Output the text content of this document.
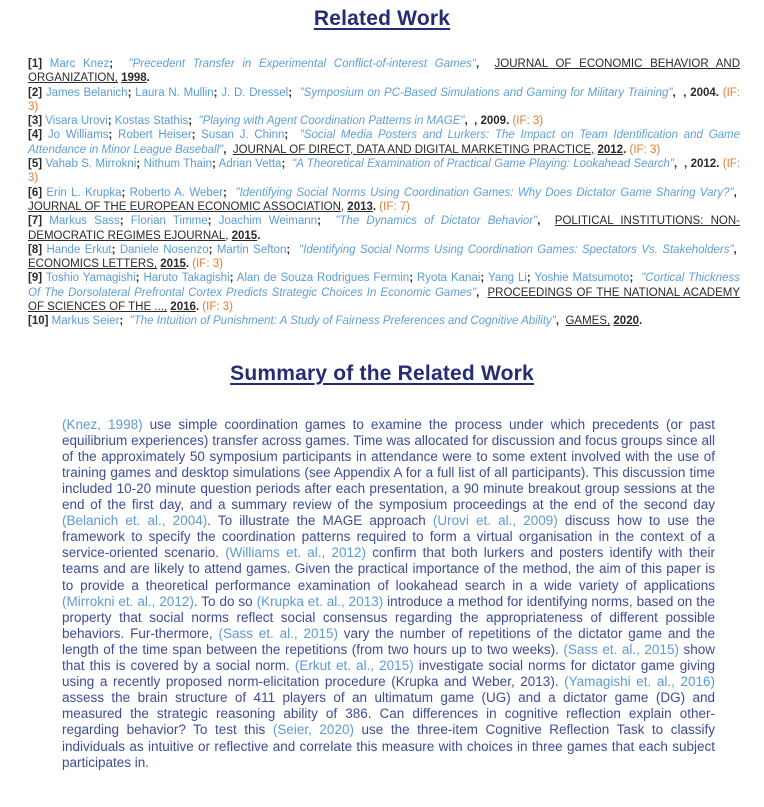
Related Work
[1] Marc Knez; "Precedent Transfer in Experimental Conflict-of-interest Games", JOURNAL OF ECONOMIC BEHAVIOR AND ORGANIZATION, 1998.
[2] James Belanich; Laura N. Mullin; J. D. Dressel; "Symposium on PC-Based Simulations and Gaming for Military Training", , 2004. (IF: 3)
[3] Visara Urovi; Kostas Stathis; "Playing with Agent Coordination Patterns in MAGE", , 2009. (IF: 3)
[4] Jo Williams; Robert Heiser; Susan J. Chinn; "Social Media Posters and Lurkers: The Impact on Team Identification and Game Attendance in Minor League Baseball", JOURNAL OF DIRECT, DATA AND DIGITAL MARKETING PRACTICE, 2012. (IF: 3)
[5] Vahab S. Mirrokni; Nithum Thain; Adrian Vetta; "A Theoretical Examination of Practical Game Playing: Lookahead Search", , 2012. (IF: 3)
[6] Erin L. Krupka; Roberto A. Weber; "Identifying Social Norms Using Coordination Games: Why Does Dictator Game Sharing Vary?",  JOURNAL OF THE EUROPEAN ECONOMIC ASSOCIATION, 2013. (IF: 7)
[7] Markus Sass; Florian Timme; Joachim Weimann; "The Dynamics of Dictator Behavior", POLITICAL INSTITUTIONS: NON-DEMOCRATIC REGIMES EJOURNAL, 2015.
[8] Hande Erkut; Daniele Nosenzo; Martin Sefton; "Identifying Social Norms Using Coordination Games: Spectators Vs. Stakeholders",  ECONOMICS LETTERS, 2015. (IF: 3)
[9] Toshio Yamagishi; Haruto Takagishi; Alan de Souza Rodrigues Fermin; Ryota Kanai; Yang Li; Yoshie Matsumoto; "Cortical Thickness Of The Dorsolateral Prefrontal Cortex Predicts Strategic Choices In Economic Games", PROCEEDINGS OF THE NATIONAL ACADEMY OF SCIENCES OF THE ..., 2016. (IF: 3)
[10] Markus Seier; "The Intuition of Punishment: A Study of Fairness Preferences and Cognitive Ability", GAMES, 2020.
Summary of the Related Work

(Knez, 1998) use simple coordination games to examine the process under which precedents (or past equilibrium experiences) transfer across games. Time was allocated for discussion and focus groups since all of the approximately 50 symposium participants in attendance were to some extent involved with the use of training games and desktop simulations (see Appendix A for a full list of all participants). This discussion time included 10-20 minute question periods after each presentation, a 90 minute breakout group sessions at the end of the first day, and a summary review of the symposium proceedings at the end of the second day (Belanich et. al., 2004). To illustrate the MAGE approach (Urovi et. al., 2009) discuss how to use the framework to specify the coordination patterns required to form a virtual organisation in the context of a service-oriented scenario. (Williams et. al., 2012) confirm that both lurkers and posters identify with their teams and are likely to attend games. Given the practical importance of the method, the aim of this paper is to provide a theoretical performance examination of lookahead search in a wide variety of applications (Mirrokni et. al., 2012). To do so (Krupka et. al., 2013) introduce a method for identifying norms, based on the property that social norms reflect social consensus regarding the appropriateness of different possible behaviors. Fur-thermore, (Sass et. al., 2015) vary the number of repetitions of the dictator game and the length of the time span between the repetitions (from two hours up to two weeks). (Sass et. al., 2015) show that this is covered by a social norm. (Erkut et. al., 2015) investigate social norms for dictator game giving using a recently proposed norm-elicitation procedure (Krupka and Weber, 2013). (Yamagishi et. al., 2016) assess the brain structure of 411 players of an ultimatum game (UG) and a dictator game (DG) and measured the strategic reasoning ability of 386. Can differences in cognitive reflection explain other-regarding behavior? To test this (Seier, 2020) use the three-item Cognitive Reflection Task to classify individuals as intuitive or reflective and correlate this measure with choices in three games that each subject participates in.
